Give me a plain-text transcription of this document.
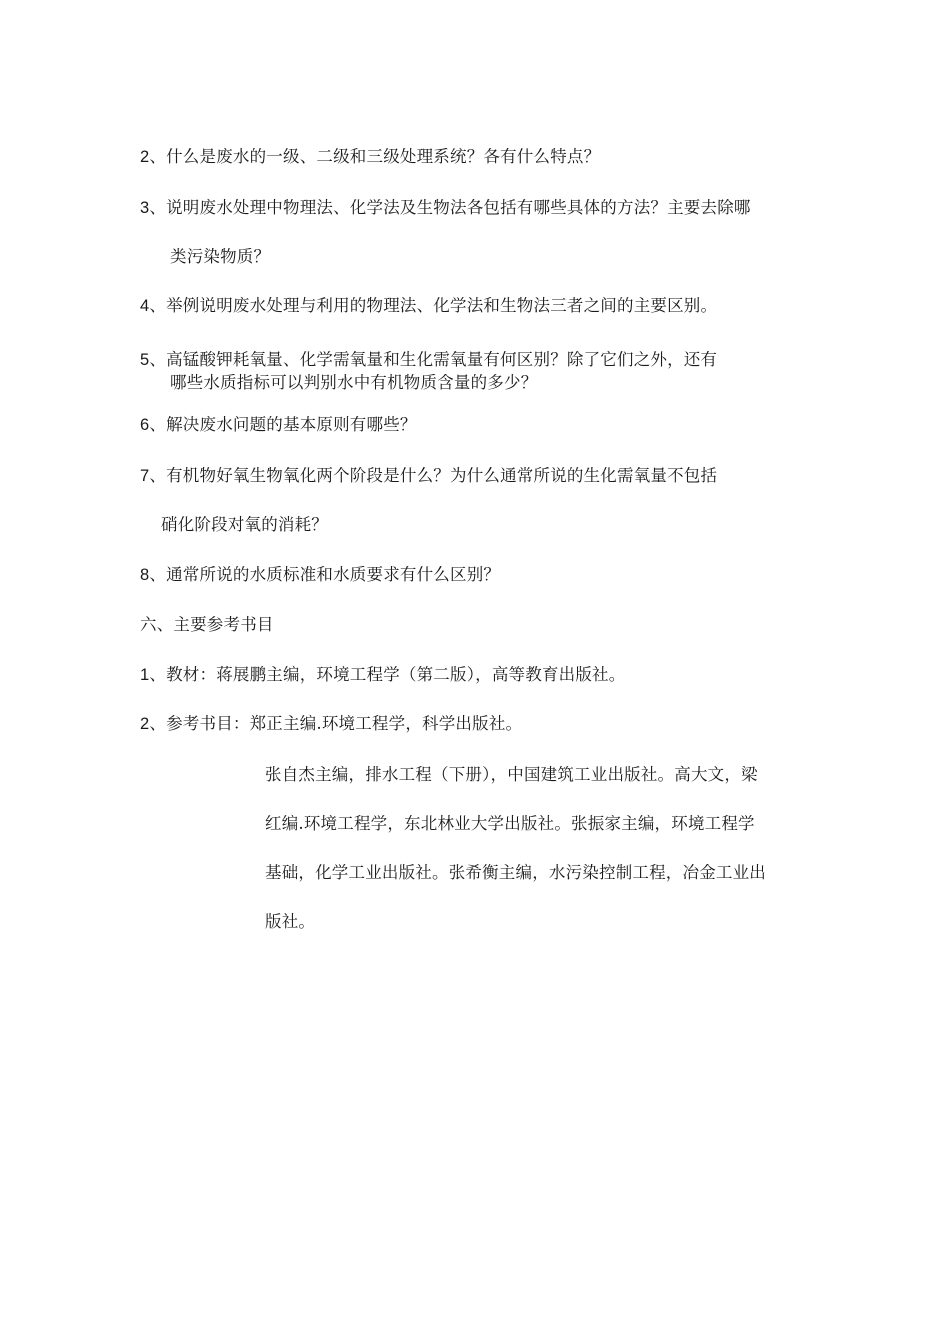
2、什么是废水的一级、二级和三级处理系统？各有什么特点？
3、说明废水处理中物理法、化学法及生物法各包括有哪些具体的方法？主要去除哪
类污染物质？
4、举例说明废水处理与利用的物理法、化学法和生物法三者之间的主要区别。
5、高锰酸钾耗氧量、化学需氧量和生化需氧量有何区别？除了它们之外，还有
哪些水质指标可以判别水中有机物质含量的多少？
6、解决废水问题的基本原则有哪些？
7、有机物好氧生物氧化两个阶段是什么？为什么通常所说的生化需氧量不包括
硝化阶段对氧的消耗？
8、通常所说的水质标准和水质要求有什么区别？
六、主要参考书目
1、教材：蒋展鹏主编，环境工程学（第二版），高等教育出版社。
2、参考书目：郑正主编.环境工程学，科学出版社。
张自杰主编，排水工程（下册），中国建筑工业出版社。高大文，梁
红编.环境工程学，东北林业大学出版社。张振家主编，环境工程学
基础，化学工业出版社。张希衡主编，水污染控制工程，冶金工业出
版社。
